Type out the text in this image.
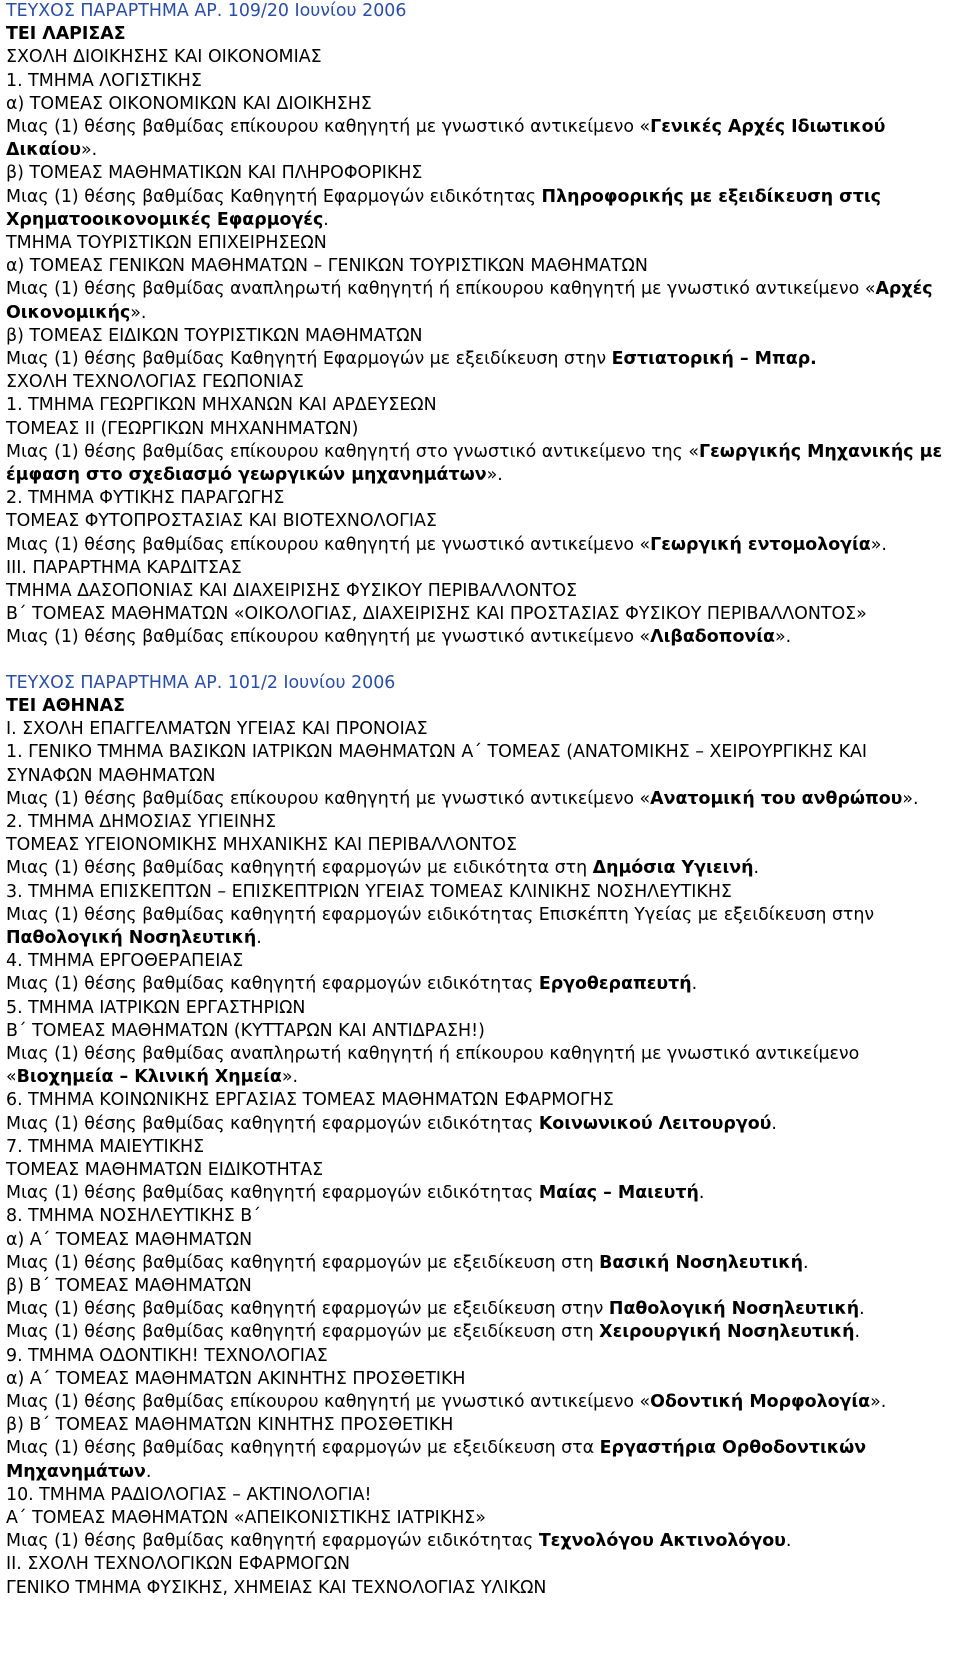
ΤΕΥΧΟΣ ΠΑΡΑΡΤΗΜΑ ΑΡ. 109/20 Ιουνίου 2006
ΤΕΙ ΛΑΡΙΣΑΣ
ΣΧΟΛΗ ΔΙΟΙΚΗΣΗΣ ΚΑΙ ΟΙΚΟΝΟΜΙΑΣ
1. ΤΜΗΜΑ ΛΟΓΙΣΤΙΚΗΣ
α) ΤΟΜΕΑΣ ΟΙΚΟΝΟΜΙΚΩΝ ΚΑΙ ΔΙΟΙΚΗΣΗΣ
Μιας (1) θέσης βαθμίδας επίκουρου καθηγητή με γνωστικό αντικείμενο «Γενικές Αρχές Ιδιωτικού Δικαίου».
β) ΤΟΜΕΑΣ ΜΑΘΗΜΑΤΙΚΩΝ ΚΑΙ ΠΛΗΡΟΦΟΡΙΚΗΣ
Μιας (1) θέσης βαθμίδας Καθηγητή Εφαρμογών ειδικότητας Πληροφορικής με εξειδίκευση στις Χρηματοοικονομικές Εφαρμογές.
ΤΜΗΜΑ ΤΟΥΡΙΣΤΙΚΩΝ ΕΠΙΧΕΙΡΗΣΕΩΝ
α) ΤΟΜΕΑΣ ΓΕΝΙΚΩΝ ΜΑΘΗΜΑΤΩΝ – ΓΕΝΙΚΩΝ ΤΟΥΡΙΣΤΙΚΩΝ ΜΑΘΗΜΑΤΩΝ
Μιας (1) θέσης βαθμίδας αναπληρωτή καθηγητή ή επίκουρου καθηγητή με γνωστικό αντικείμενο «Αρχές Οικονομικής».
β) ΤΟΜΕΑΣ ΕΙΔΙΚΩΝ ΤΟΥΡΙΣΤΙΚΩΝ ΜΑΘΗΜΑΤΩΝ
Μιας (1) θέσης βαθμίδας Καθηγητή Εφαρμογών με εξειδίκευση στην Εστιατορική – Μπαρ.
ΣΧΟΛΗ ΤΕΧΝΟΛΟΓΙΑΣ ΓΕΩΠΟΝΙΑΣ
1. ΤΜΗΜΑ ΓΕΩΡΓΙΚΩΝ ΜΗΧΑΝΩΝ ΚΑΙ ΑΡΔΕΥΣΕΩΝ
ΤΟΜΕΑΣ ΙΙ (ΓΕΩΡΓΙΚΩΝ ΜΗΧΑΝΗΜΑΤΩΝ)
Μιας (1) θέσης βαθμίδας επίκουρου καθηγητή στο γνωστικό αντικείμενο της «Γεωργικής Μηχανικής με έμφαση στο σχεδιασμό γεωργικών μηχανημάτων».
2. ΤΜΗΜΑ ΦΥΤΙΚΗΣ ΠΑΡΑΓΩΓΗΣ
ΤΟΜΕΑΣ ΦΥΤΟΠΡΟΣΤΑΣΙΑΣ ΚΑΙ ΒΙΟΤΕΧΝΟΛΟΓΙΑΣ
Μιας (1) θέσης βαθμίδας επίκουρου καθηγητή με γνωστικό αντικείμενο «Γεωργική εντομολογία».
ΙΙΙ. ΠΑΡΑΡΤΗΜΑ ΚΑΡΔΙΤΣΑΣ
ΤΜΗΜΑ ΔΑΣΟΠΟΝΙΑΣ ΚΑΙ ΔΙΑΧΕΙΡΙΣΗΣ ΦΥΣΙΚΟΥ ΠΕΡΙΒΑΛΛΟΝΤΟΣ
Β΄ ΤΟΜΕΑΣ ΜΑΘΗΜΑΤΩΝ «ΟΙΚΟΛΟΓΙΑΣ, ΔΙΑΧΕΙΡΙΣΗΣ ΚΑΙ ΠΡΟΣΤΑΣΙΑΣ ΦΥΣΙΚΟΥ ΠΕΡΙΒΑΛΛΟΝΤΟΣ»
Μιας (1) θέσης βαθμίδας επίκουρου καθηγητή με γνωστικό αντικείμενο «Λιβαδοπονία».
ΤΕΥΧΟΣ ΠΑΡΑΡΤΗΜΑ ΑΡ. 101/2 Ιουνίου 2006
ΤΕΙ ΑΘΗΝΑΣ
Ι. ΣΧΟΛΗ ΕΠΑΓΓΕΛΜΑΤΩΝ ΥΓΕΙΑΣ ΚΑΙ ΠΡΟΝΟΙΑΣ
1. ΓΕΝΙΚΟ ΤΜΗΜΑ ΒΑΣΙΚΩΝ ΙΑΤΡΙΚΩΝ ΜΑΘΗΜΑΤΩΝ Α΄ ΤΟΜΕΑΣ (ΑΝΑΤΟΜΙΚΗΣ – ΧΕΙΡΟΥΡΓΙΚΗΣ ΚΑΙ ΣΥΝΑΦΩΝ ΜΑΘΗΜΑΤΩΝ
Μιας (1) θέσης βαθμίδας επίκουρου καθηγητή με γνωστικό αντικείμενο «Ανατομική του ανθρώπου».
2. ΤΜΗΜΑ ΔΗΜΟΣΙΑΣ ΥΓΙΕΙΝΗΣ
ΤΟΜΕΑΣ ΥΓΕΙΟΝΟΜΙΚΗΣ ΜΗΧΑΝΙΚΗΣ ΚΑΙ ΠΕΡΙΒΑΛΛΟΝΤΟΣ
Μιας (1) θέσης βαθμίδας καθηγητή εφαρμογών με ειδικότητα στη Δημόσια Υγιεινή.
3. ΤΜΗΜΑ ΕΠΙΣΚΕΠΤΩΝ – ΕΠΙΣΚΕΠΤΡΙΩΝ ΥΓΕΙΑΣ ΤΟΜΕΑΣ ΚΛΙΝΙΚΗΣ ΝΟΣΗΛΕΥΤΙΚΗΣ
Μιας (1) θέσης βαθμίδας καθηγητή εφαρμογών ειδικότητας Επισκέπτη Υγείας με εξειδίκευση στην Παθολογική Νοσηλευτική.
4. ΤΜΗΜΑ ΕΡΓΟΘΕΡΑΠΕΙΑΣ
Μιας (1) θέσης βαθμίδας καθηγητή εφαρμογών ειδικότητας Εργοθεραπευτή.
5. ΤΜΗΜΑ ΙΑΤΡΙΚΩΝ ΕΡΓΑΣΤΗΡΙΩΝ
Β΄ ΤΟΜΕΑΣ ΜΑΘΗΜΑΤΩΝ (ΚΥΤΤΑΡΩΝ ΚΑΙ ΑΝΤΙΔΡΑΣΗ!)
Μιας (1) θέσης βαθμίδας αναπληρωτή καθηγητή ή επίκουρου καθηγητή με γνωστικό αντικείμενο «Βιοχημεία – Κλινική Χημεία».
6. ΤΜΗΜΑ ΚΟΙΝΩΝΙΚΗΣ ΕΡΓΑΣΙΑΣ ΤΟΜΕΑΣ ΜΑΘΗΜΑΤΩΝ ΕΦΑΡΜΟΓΗΣ
Μιας (1) θέσης βαθμίδας καθηγητή εφαρμογών ειδικότητας Κοινωνικού Λειτουργού.
7. ΤΜΗΜΑ ΜΑΙΕΥΤΙΚΗΣ
ΤΟΜΕΑΣ ΜΑΘΗΜΑΤΩΝ ΕΙΔΙΚΟΤΗΤΑΣ
Μιας (1) θέσης βαθμίδας καθηγητή εφαρμογών ειδικότητας Μαίας – Μαιευτή.
8. ΤΜΗΜΑ ΝΟΣΗΛΕΥΤΙΚΗΣ Β΄
α) Α΄ ΤΟΜΕΑΣ ΜΑΘΗΜΑΤΩΝ
Μιας (1) θέσης βαθμίδας καθηγητή εφαρμογών με εξειδίκευση στη Βασική Νοσηλευτική.
β) Β΄ ΤΟΜΕΑΣ ΜΑΘΗΜΑΤΩΝ
Μιας (1) θέσης βαθμίδας καθηγητή εφαρμογών με εξειδίκευση στην Παθολογική Νοσηλευτική.
Μιας (1) θέσης βαθμίδας καθηγητή εφαρμογών με εξειδίκευση στη Χειρουργική Νοσηλευτική.
9. ΤΜΗΜΑ ΟΔΟΝΤΙΚΗ! ΤΕΧΝΟΛΟΓΙΑΣ
α) Α΄ ΤΟΜΕΑΣ ΜΑΘΗΜΑΤΩΝ ΑΚΙΝΗΤΗΣ ΠΡΟΣΘΕΤΙΚΗ
Μιας (1) θέσης βαθμίδας επίκουρου καθηγητή με γνωστικό αντικείμενο «Οδοντική Μορφολογία».
β) Β΄ ΤΟΜΕΑΣ ΜΑΘΗΜΑΤΩΝ ΚΙΝΗΤΗΣ ΠΡΟΣΘΕΤΙΚΗ
Μιας (1) θέσης βαθμίδας καθηγητή εφαρμογών με εξειδίκευση στα Εργαστήρια Ορθοδοντικών Μηχανημάτων.
10. ΤΜΗΜΑ ΡΑΔΙΟΛΟΓΙΑΣ – ΑΚΤΙΝΟΛΟΓΙΑ!
Α΄ ΤΟΜΕΑΣ ΜΑΘΗΜΑΤΩΝ «ΑΠΕΙΚΟΝΙΣΤΙΚΗΣ ΙΑΤΡΙΚΗΣ»
Μιας (1) θέσης βαθμίδας καθηγητή εφαρμογών ειδικότητας Τεχνολόγου Ακτινολόγου.
ΙΙ. ΣΧΟΛΗ ΤΕΧΝΟΛΟΓΙΚΩΝ ΕΦΑΡΜΟΓΩΝ
ΓΕΝΙΚΟ ΤΜΗΜΑ ΦΥΣΙΚΗΣ, ΧΗΜΕΙΑΣ ΚΑΙ ΤΕΧΝΟΛΟΓΙΑΣ ΥΛΙΚΩΝ
